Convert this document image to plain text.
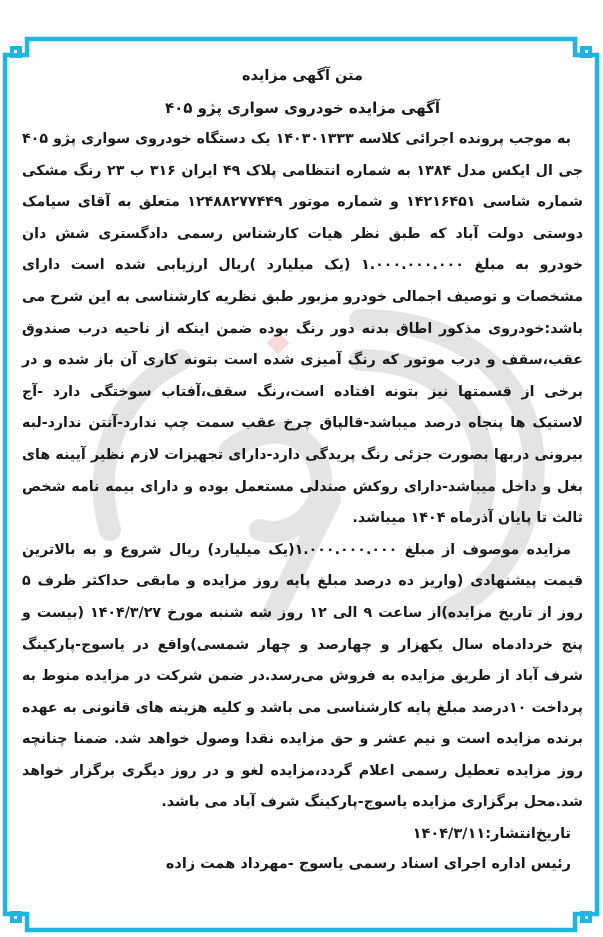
متن آگهی مزایده

آگهی مزایده خودروی سواری پژو ۴۰۵

به موجب پرونده اجرائی کلاسه ۱۴۰۳۰۱۳۳۳ یک دستگاه خودروی سواری پژو ۴۰۵ جی ال ایکس مدل ۱۳۸۴ به شماره انتظامی پلاک ۴۹ ایران ۳۱۶ ب ۲۳ رنگ مشکی شماره شاسی ۱۴۲۱۶۴۵۱ و شماره موتور ۱۲۴۸۸۲۷۷۴۴۹ متعلق به آقای سیامک دوستی دولت آباد که طبق نظر هیات کارشناس رسمی دادگستری شش دان خودرو به مبلغ ۱.۰۰۰.۰۰۰.۰۰۰ (یک میلیارد )ریال ارزیابی شده است دارای مشخصات و توصیف اجمالی خودرو مزبور طبق نظریه کارشناسی به این شرح می باشد:خودروی مذکور اطاق بدنه دور رنگ بوده ضمن اینکه از ناحیه درب صندوق عقب،سقف و درب موتور که رنگ آمیزی شده است بتونه کاری آن باز شده و در برخی از قسمتها نیز بتونه افتاده است،رنگ سقف،آفتاب سوختگی دارد -آج لاستیک ها پنجاه درصد میباشد-قالپاق چرخ عقب سمت چپ ندارد-آنتن ندارد-لبه بیرونی دربها بصورت جزئی رنگ پریدگی دارد-دارای تجهیزات لازم نظیر آیینه های بغل و داخل میباشد-دارای روکش صندلی مستعمل بوده و دارای بیمه نامه شخص ثالث تا پایان آذرماه ۱۴۰۴ میباشد.

مزایده موصوف از مبلغ ۱.۰۰۰.۰۰۰.۰۰۰(یک میلیارد) ریال شروع و به بالاترین قیمت پیشنهادی (واریز ده درصد مبلغ پایه روز مزایده و مابقی حداکثر ظرف ۵ روز از تاریخ مزایده)از ساعت ۹ الی ۱۲ روز شه شنبه مورخ ۱۴۰۴/۳/۲۷ (بیست و پنج خردادماه سال یکهزار و چهارصد و چهار شمسی)واقع در یاسوج-پارکینگ شرف آباد از طریق مزایده به فروش می‌رسد.در ضمن شرکت در مزایده منوط به پرداخت ۱۰درصد مبلغ پایه کارشناسی می باشد و کلیه هزینه های قانونی به عهده برنده مزایده است و نیم عشر و حق مزایده نقدا وصول خواهد شد. ضمنا چنانچه روز مزایده تعطیل رسمی اعلام گردد،مزایده لغو و در روز دیگری برگزار خواهد شد.محل برگزاری مزایده یاسوج-پارکینگ شرف آباد می باشد.

تاریخ‌انتشار:۱۴۰۴/۳/۱۱

رئیس اداره اجرای اسناد رسمی یاسوج -مهرداد همت زاده
